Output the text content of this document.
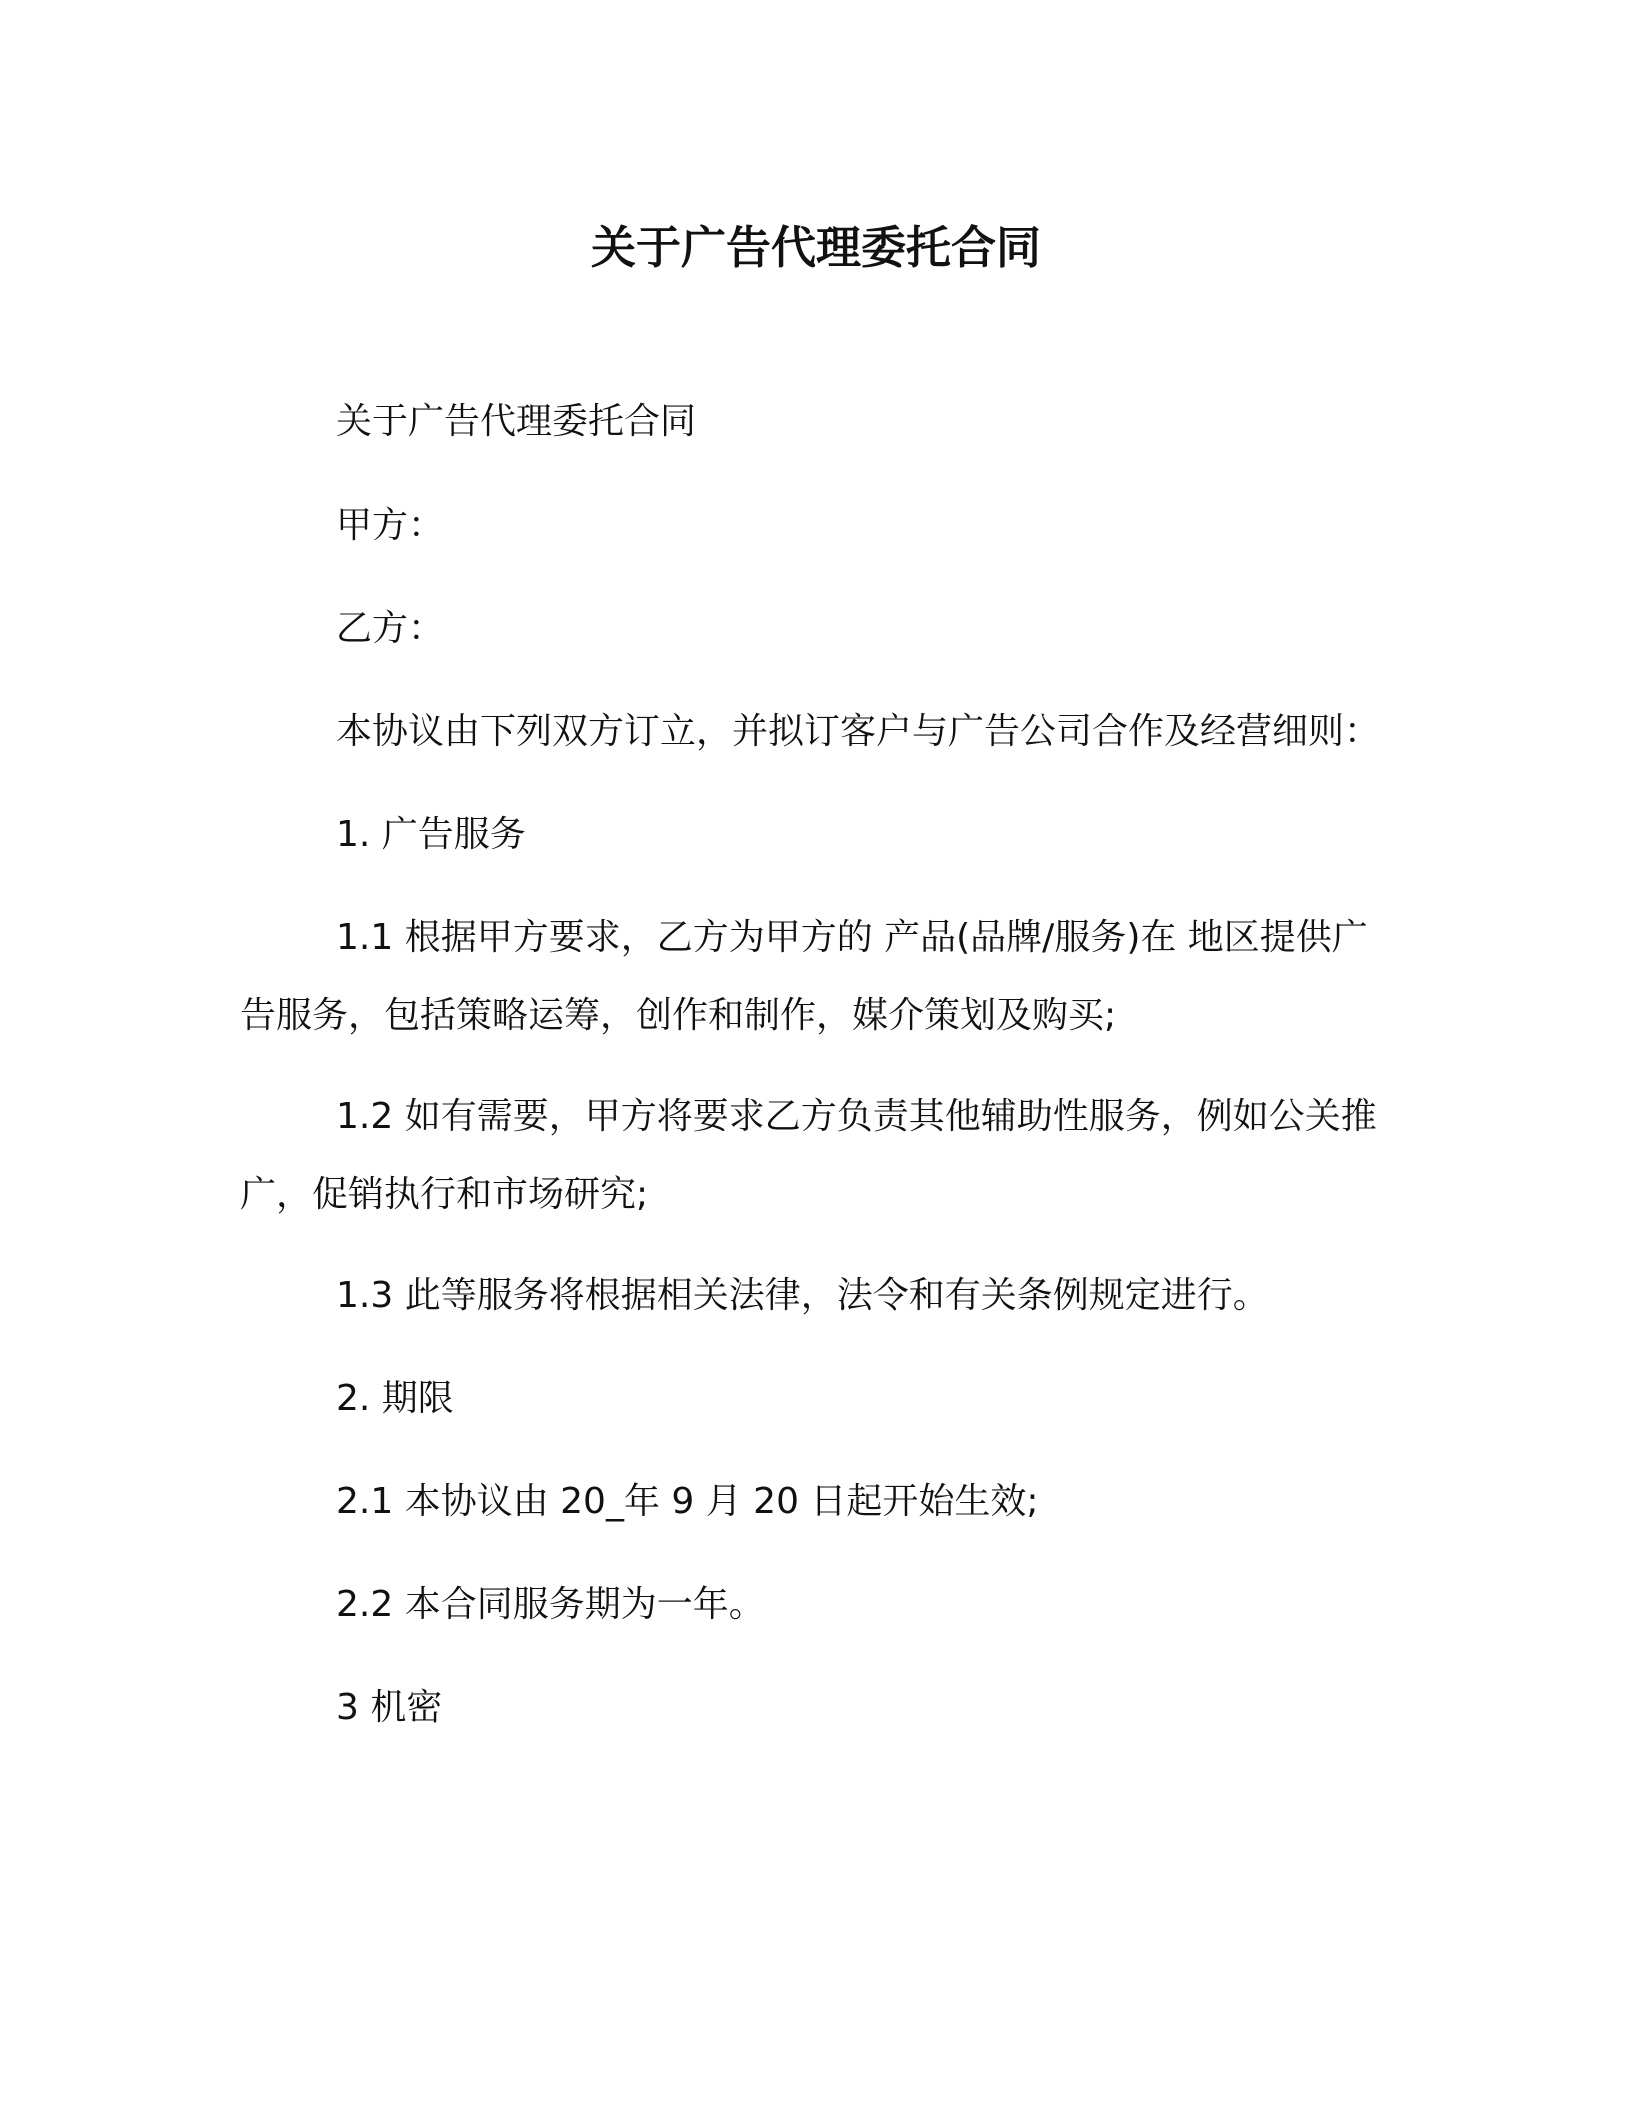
关于广告代理委托合同
关于广告代理委托合同
甲方：
乙方：
本协议由下列双方订立，并拟订客户与广告公司合作及经营细则：
1. 广告服务
1.1 根据甲方要求，乙方为甲方的 产品(品牌/服务)在 地区提供广告服务，包括策略运筹，创作和制作，媒介策划及购买;
1.2 如有需要，甲方将要求乙方负责其他辅助性服务，例如公关推广，促销执行和市场研究;
1.3 此等服务将根据相关法律，法令和有关条例规定进行。
2. 期限
2.1 本协议由 20_年 9 月 20 日起开始生效;
2.2 本合同服务期为一年。
3 机密
